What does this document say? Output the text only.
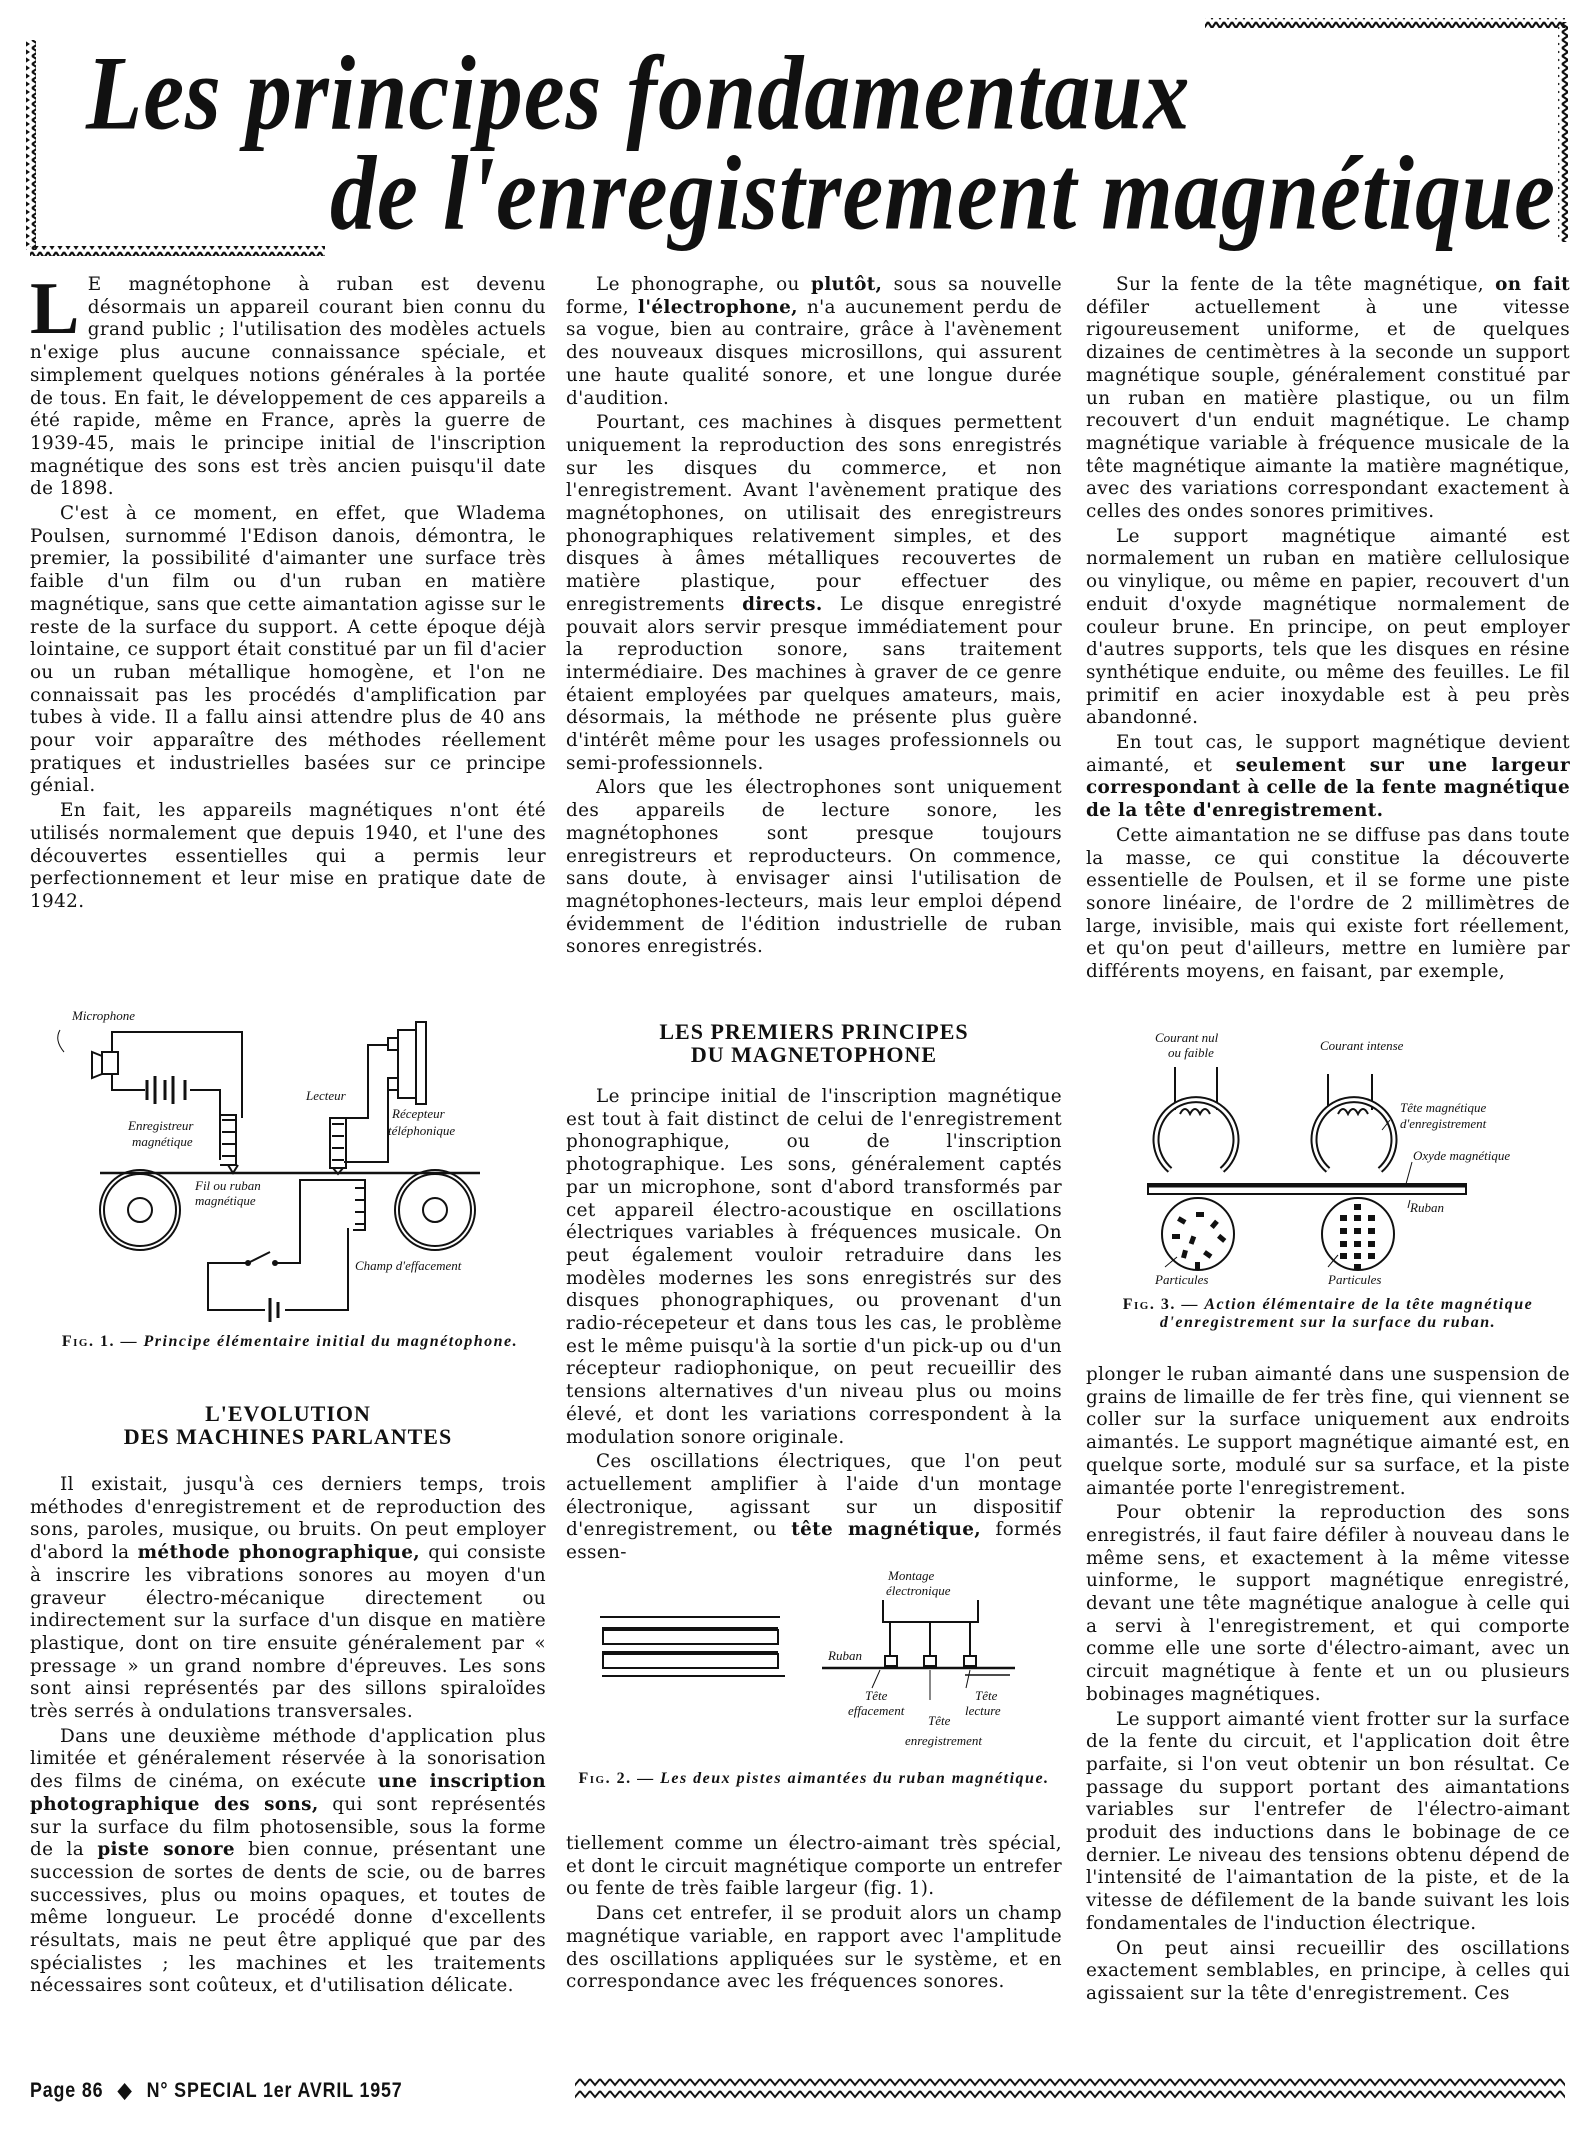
Les principes fondamentaux
de l'enregistrement magnétique
L E magnétophone à ruban est devenu désormais un appareil courant bien connu du grand public ; l'utilisation des modèles actuels n'exige plus aucune connaissance spéciale, et simplement quelques notions générales à la portée de tous. En fait, le développement de ces appareils a été rapide, même en France, après la guerre de 1939-45, mais le principe initial de l'inscription magnétique des sons est très ancien puisqu'il date de 1898.

C'est à ce moment, en effet, que Wladema Poulsen, surnommé l'Edison danois, démontra, le premier, la possibilité d'aimanter une surface très faible d'un film ou d'un ruban en matière magnétique, sans que cette aimantation agisse sur le reste de la surface du support. A cette époque déjà lointaine, ce support était constitué par un fil d'acier ou un ruban métallique homogène, et l'on ne connaissait pas les procédés d'amplification par tubes à vide. Il a fallu ainsi attendre plus de 40 ans pour voir apparaître des méthodes réellement pratiques et industrielles basées sur ce principe génial.

En fait, les appareils magnétiques n'ont été utilisés normalement que depuis 1940, et l'une des découvertes essentielles qui a permis leur perfectionnement et leur mise en pratique date de 1942.

Microphone
Enregistreur
magnétique
Lecteur
Récepteur
téléphonique
Fil ou ruban
magnétique
Champ d'effacement
Fig. 1. — Principe élémentaire initial du magnétophone.
L'EVOLUTION
DES MACHINES PARLANTES

Il existait, jusqu'à ces derniers temps, trois méthodes d'enregistrement et de reproduction des sons, paroles, musique, ou bruits. On peut employer d'abord la méthode phonographique, qui consiste à inscrire les vibrations sonores au moyen d'un graveur électro-mécanique directement ou indirectement sur la surface d'un disque en matière plastique, dont on tire ensuite généralement par « pressage » un grand nombre d'épreuves. Les sons sont ainsi représentés par des sillons spiraloïdes très serrés à ondulations transversales.

Dans une deuxième méthode d'application plus limitée et généralement réservée à la sonorisation des films de cinéma, on exécute une inscription photographique des sons, qui sont représentés sur la surface du film photosensible, sous la forme de la piste sonore bien connue, présentant une succession de sortes de dents de scie, ou de barres successives, plus ou moins opaques, et toutes de même longueur. Le procédé donne d'excellents résultats, mais ne peut être appliqué que par des spécialistes ; les machines et les traitements nécessaires sont coûteux, et d'utilisation délicate.

Le phonographe, ou plutôt, sous sa nouvelle forme, l'électrophone, n'a aucunement perdu de sa vogue, bien au contraire, grâce à l'avènement des nouveaux disques microsillons, qui assurent une haute qualité sonore, et une longue durée d'audition.

Pourtant, ces machines à disques permettent uniquement la reproduction des sons enregistrés sur les disques du commerce, et non l'enregistrement. Avant l'avènement pratique des magnétophones, on utilisait des enregistreurs phonographiques relativement simples, et des disques à âmes métalliques recouvertes de matière plastique, pour effectuer des enregistrements directs. Le disque enregistré pouvait alors servir presque immédiatement pour la reproduction sonore, sans traitement intermédiaire. Des machines à graver de ce genre étaient employées par quelques amateurs, mais, désormais, la méthode ne présente plus guère d'intérêt même pour les usages professionnels ou semi-professionnels.

Alors que les électrophones sont uniquement des appareils de lecture sonore, les magnétophones sont presque toujours enregistreurs et reproducteurs. On commence, sans doute, à envisager ainsi l'utilisation de magnétophones-lecteurs, mais leur emploi dépend évidemment de l'édition industrielle de ruban sonores enregistrés.

LES PREMIERS PRINCIPES
DU MAGNETOPHONE

Le principe initial de l'inscription magnétique est tout à fait distinct de celui de l'enregistrement phonographique, ou de l'inscription photographique. Les sons, généralement captés par un microphone, sont d'abord transformés par cet appareil électro-acoustique en oscillations électriques variables à fréquences musicale. On peut également vouloir retraduire dans les modèles modernes les sons enregistrés sur des disques phonographiques, ou provenant d'un radio-récepeteur et dans tous les cas, le problème est le même puisqu'à la sortie d'un pick-up ou d'un récepteur radiophonique, on peut recueillir des tensions alternatives d'un niveau plus ou moins élevé, et dont les variations correspondent à la modulation sonore originale.

Ces oscillations électriques, que l'on peut actuellement amplifier à l'aide d'un montage électronique, agissant sur un dispositif d'enregistrement, ou tête magnétique, formés essen-

Montage
électronique
Ruban
Tête
effacement
Tête
enregistrement
Tête
lecture
Fig. 2. — Les deux pistes aimantées du ruban magnétique.

tiellement comme un électro-aimant très spécial, et dont le circuit magnétique comporte un entrefer ou fente de très faible largeur (fig. 1).

Dans cet entrefer, il se produit alors un champ magnétique variable, en rapport avec l'amplitude des oscillations appliquées sur le système, et en correspondance avec les fréquences sonores.

Sur la fente de la tête magnétique, on fait défiler actuellement à une vitesse rigoureusement uniforme, et de quelques dizaines de centimètres à la seconde un support magnétique souple, généralement constitué par un ruban en matière plastique, ou un film recouvert d'un enduit magnétique. Le champ magnétique variable à fréquence musicale de la tête magnétique aimante la matière magnétique, avec des variations correspondant exactement à celles des ondes sonores primitives.

Le support magnétique aimanté est normalement un ruban en matière cellulosique ou vinylique, ou même en papier, recouvert d'un enduit d'oxyde magnétique normalement de couleur brune. En principe, on peut employer d'autres supports, tels que les disques en résine synthétique enduite, ou même des feuilles. Le fil primitif en acier inoxydable est à peu près abandonné.

En tout cas, le support magnétique devient aimanté, et seulement sur une largeur correspondant à celle de la fente magnétique de la tête d'enregistrement.

Cette aimantation ne se diffuse pas dans toute la masse, ce qui constitue la découverte essentielle de Poulsen, et il se forme une piste sonore linéaire, de l'ordre de 2 millimètres de large, invisible, mais qui existe fort réellement, et qu'on peut d'ailleurs, mettre en lumière par différents moyens, en faisant, par exemple,

Courant nul
ou faible	Courant intense
Tête magnétique
d'enregistrement
Oxyde magnétique
Ruban
Particules	Particules
Fig. 3. — Action élémentaire de la tête magnétique d'enregistrement sur la surface du ruban.

plonger le ruban aimanté dans une suspension de grains de limaille de fer très fine, qui viennent se coller sur la surface uniquement aux endroits aimantés. Le support magnétique aimanté est, en quelque sorte, modulé sur sa surface, et la piste aimantée porte l'enregistrement.

Pour obtenir la reproduction des sons enregistrés, il faut faire défiler à nouveau dans le même sens, et exactement à la même vitesse uinforme, le support magnétique enregistré, devant une tête magnétique analogue à celle qui a servi à l'enregistrement, et qui comporte comme elle une sorte d'électro-aimant, avec un circuit magnétique à fente et un ou plusieurs bobinages magnétiques.

Le support aimanté vient frotter sur la surface de la fente du circuit, et l'application doit être parfaite, si l'on veut obtenir un bon résultat. Ce passage du support portant des aimantations variables sur l'entrefer de l'électro-aimant produit des inductions dans le bobinage de ce dernier. Le niveau des tensions obtenu dépend de l'intensité de l'aimantation de la piste, et de la vitesse de défilement de la bande suivant les lois fondamentales de l'induction électrique.

On peut ainsi recueillir des oscillations exactement semblables, en principe, à celles qui agissaient sur la tête d'enregistrement. Ces

Page 86 ◆ N° SPECIAL 1er AVRIL 1957
